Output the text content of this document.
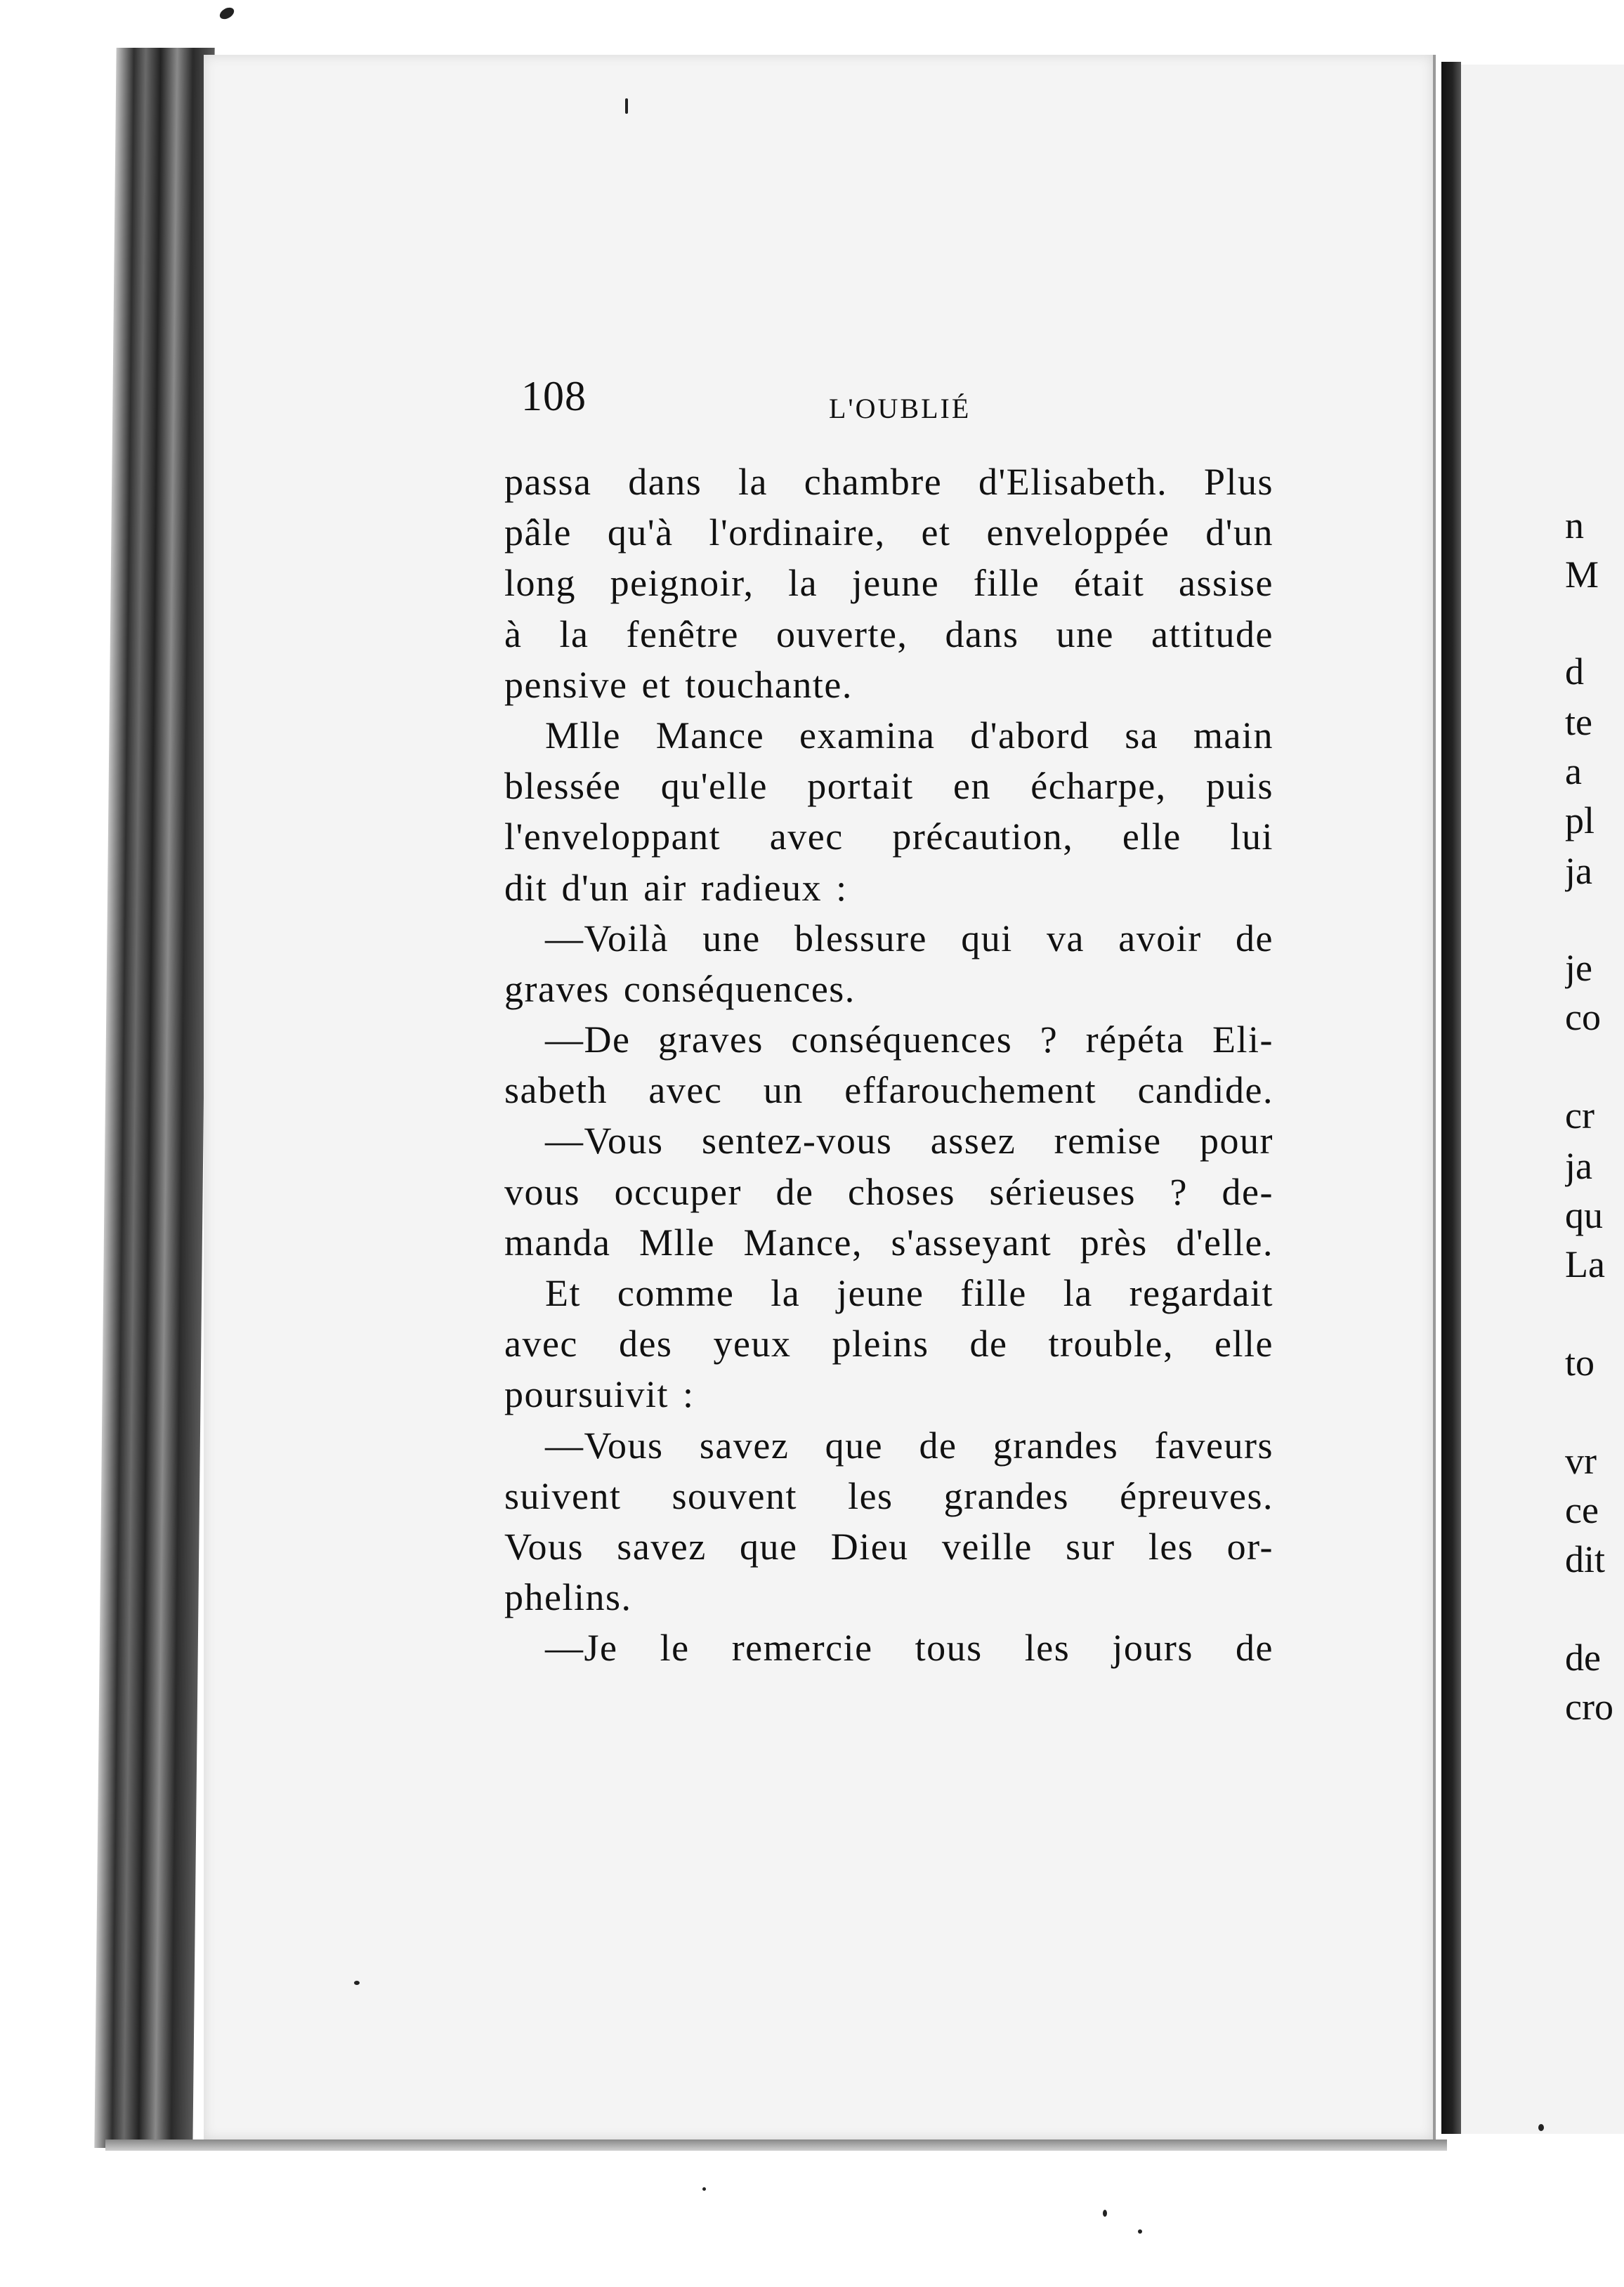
108	L'OUBLIÉ
passa dans la chambre d'Elisabeth. Plus
pâle qu'à l'ordinaire, et enveloppée d'un
long peignoir, la jeune fille était assise
à la fenêtre ouverte, dans une attitude
pensive et touchante.
Mlle Mance examina d'abord sa main
blessée qu'elle portait en écharpe, puis
l'enveloppant avec précaution, elle lui
dit d'un air radieux :
—Voilà une blessure qui va avoir de
graves conséquences.
—De graves conséquences ? répéta Eli-
sabeth avec un effarouchement candide.
—Vous sentez-vous assez remise pour
vous occuper de choses sérieuses ? de-
manda Mlle Mance, s'asseyant près d'elle.
Et comme la jeune fille la regardait
avec des yeux pleins de trouble, elle
poursuivit :
—Vous savez que de grandes faveurs
suivent souvent les grandes épreuves.
Vous savez que Dieu veille sur les or-
phelins.
—Je le remercie tous les jours de
n
M
d
te
a
pl
ja
je
co
cr
ja
qu
La
to
vr
ce
dit
de
cro
